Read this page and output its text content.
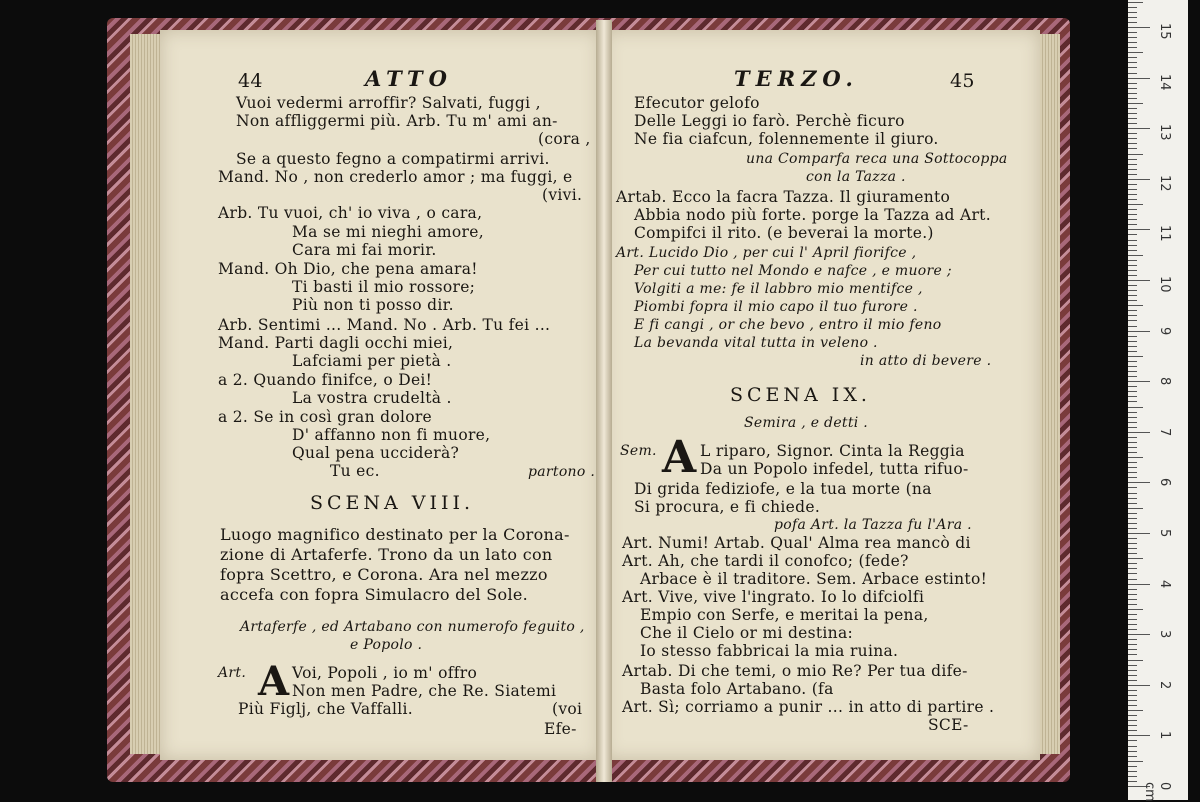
44	ATTO
Vuoi vedermi arroffir? Salvati, fuggi ,
Non affliggermi più. Arb. Tu m' ami an-
(cora ,
Se a questo fegno a compatirmi arrivi.
Mand. No , non crederlo amor ; ma fuggi, e
(vivi.
Arb. Tu vuoi, ch' io viva , o cara,
Ma se mi nieghi amore,
Cara mi fai morir.
Mand. Oh Dio, che pena amara!
Ti basti il mio rossore;
Più non ti posso dir.
Arb. Sentimi ... Mand. No . Arb. Tu fei ...
Mand. Parti dagli occhi miei,
Lafciami per pietà .
a 2. Quando finifce, o Dei!
La vostra crudeltà .
a 2. Se in così gran dolore
D' affanno non fi muore,
Qual pena ucciderà?
Tu ec.	partono .
SCENA VIII.
Luogo magnifico destinato per la Corona-
zione di Artaferfe. Trono da un lato con
fopra Scettro, e Corona. Ara nel mezzo
accefa con fopra Simulacro del Sole.
Artaferfe , ed Artabano con numerofo feguito ,
e Popolo .
Art. A Voi, Popoli , io m' offro
Non men Padre, che Re. Siatemi
Più Figlj, che Vaffalli.	(voi
Efe-
TERZO.	45
Efecutor gelofo
Delle Leggi io farò. Perchè ficuro
Ne fia ciafcun, folennemente il giuro.
una Comparfa reca una Sottocoppa
con la Tazza .
Artab. Ecco la facra Tazza. Il giuramento
Abbia nodo più forte. porge la Tazza ad Art.
Compifci il rito. (e beverai la morte.)
Art. Lucido Dio , per cui l' April fiorifce ,
Per cui tutto nel Mondo e nafce , e muore ;
Volgiti a me: fe il labbro mio mentifce ,
Piombi fopra il mio capo il tuo furore .
E fi cangi , or che bevo , entro il mio feno
La bevanda vital tutta in veleno .
in atto di bevere .
SCENA IX.
Semira , e detti .
Sem. A L riparo, Signor. Cinta la Reggia
Da un Popolo infedel, tutta rifuo-
Di grida fediziofe, e la tua morte (na
Si procura, e fi chiede.
pofa Art. la Tazza fu l'Ara .
Art. Numi! Artab. Qual' Alma rea mancò di
Art. Ah, che tardi il conofco; (fede?
Arbace è il traditore. Sem. Arbace estinto!
Art. Vive, vive l'ingrato. Io lo difciolfi
Empio con Serfe, e meritai la pena,
Che il Cielo or mi destina:
Io stesso fabbricai la mia ruina.
Artab. Di che temi, o mio Re? Per tua dife-
Basta folo Artabano. (fa
Art. Sì; corriamo a punir ... in atto di partire .
SCE-
0 cm
1
2
3
4
5
6
7
8
9
10
11
12
13
14
15
